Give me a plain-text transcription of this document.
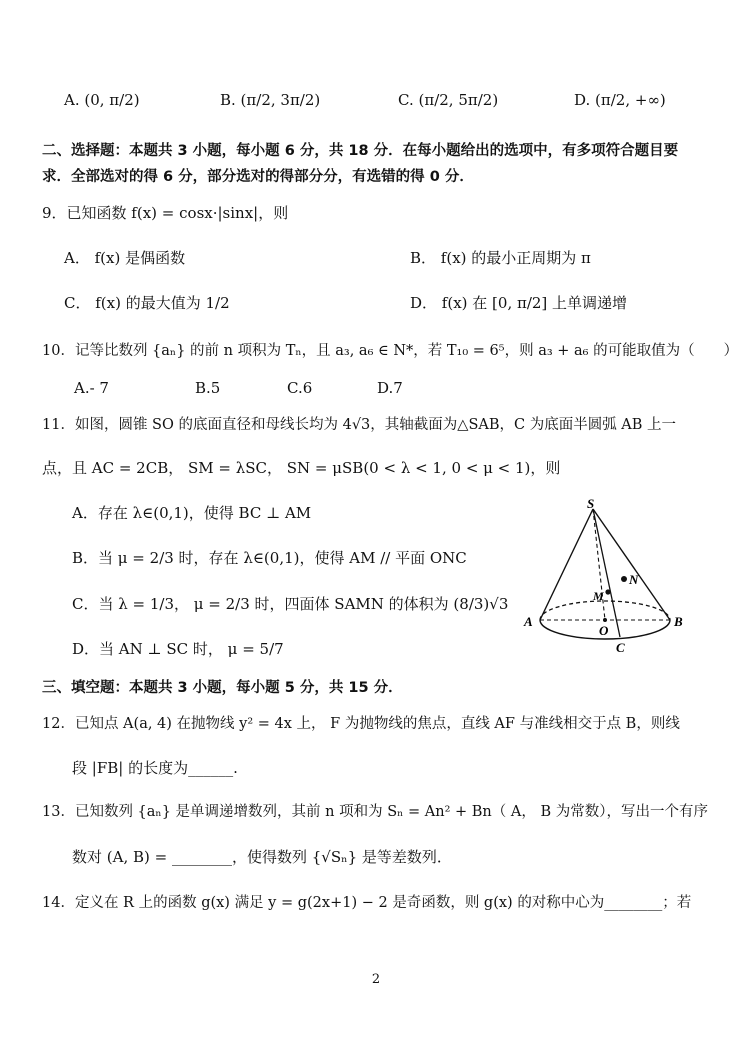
A. (0, π/2)	B. (π/2, 3π/2)	C. (π/2, 5π/2)	D. (π/2, +∞)
二、选择题：本题共 3 小题，每小题 6 分，共 18 分．在每小题给出的选项中，有多项符合题目要
求．全部选对的得 6 分，部分选对的得部分分，有选错的得 0 分．
9．已知函数 f(x) = cosx·|sinx|，则
A． f(x) 是偶函数	B． f(x) 的最小正周期为 π
C． f(x) 的最大值为 1/2	D． f(x) 在 [0, π/2] 上单调递增
10．记等比数列 {aₙ} 的前 n 项积为 Tₙ，且 a₃, a₆ ∈ N*，若 T₁₀ = 6⁵，则 a₃ + a₆ 的可能取值为（　　）
A.- 7	B.5	C.6	D.7
11．如图，圆锥 SO 的底面直径和母线长均为 4√3，其轴截面为△SAB，C 为底面半圆弧 AB 上一
点，且 AC = 2CB， SM = λSC， SN = μSB(0 < λ < 1, 0 < μ < 1)，则
A．存在 λ∈(0,1)，使得 BC ⊥ AM
B．当 μ = 2/3 时，存在 λ∈(0,1)，使得 AM // 平面 ONC
C．当 λ = 1/3， μ = 2/3 时，四面体 SAMN 的体积为 (8/3)√3
D．当 AN ⊥ SC 时， μ = 5/7
S
N
M
A
O
B
C
三、填空题：本题共 3 小题，每小题 5 分，共 15 分．
12．已知点 A(a, 4) 在抛物线 y² = 4x 上， F 为抛物线的焦点，直线 AF 与准线相交于点 B，则线
段 |FB| 的长度为______.
13．已知数列 {aₙ} 是单调递增数列，其前 n 项和为 Sₙ = An² + Bn（ A， B 为常数），写出一个有序
数对 (A, B) = ________，使得数列 {√Sₙ} 是等差数列．
14．定义在 R 上的函数 g(x) 满足 y = g(2x+1) − 2 是奇函数，则 g(x) 的对称中心为________；若
2
